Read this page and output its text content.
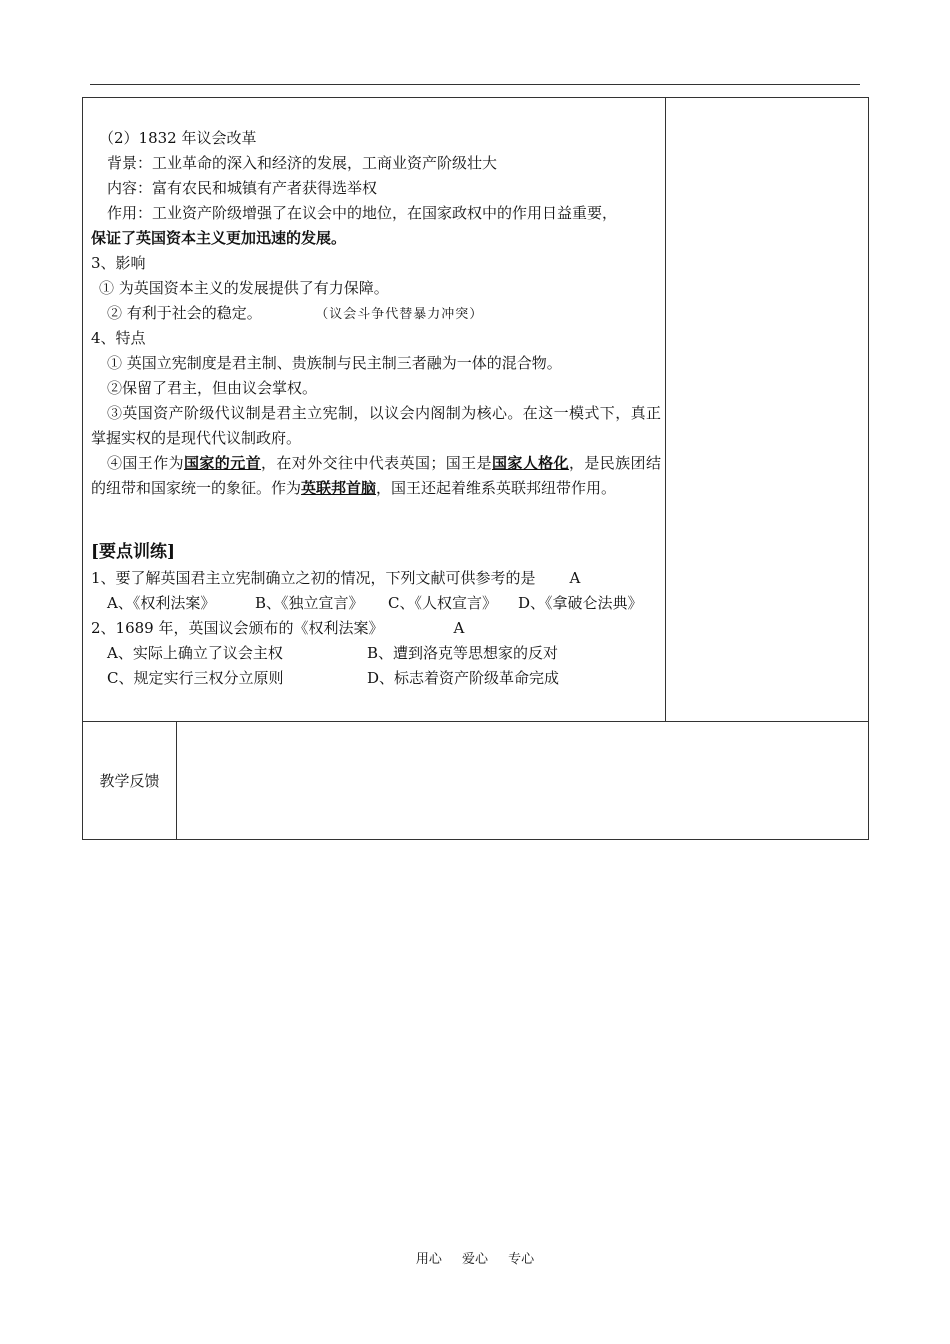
（2）1832 年议会改革
背景：工业革命的深入和经济的发展，工商业资产阶级壮大
内容：富有农民和城镇有产者获得选举权
作用：工业资产阶级增强了在议会中的地位，在国家政权中的作用日益重要，
保证了英国资本主义更加迅速的发展。
3、影响
① 为英国资本主义的发展提供了有力保障。
② 有利于社会的稳定。	（议会斗争代替暴力冲突）
4、特点
① 英国立宪制度是君主制、贵族制与民主制三者融为一体的混合物。
②保留了君主，但由议会掌权。
③英国资产阶级代议制是君主立宪制，以议会内阁制为核心。在这一模式下，真正掌握实权的是现代代议制政府。
④国王作为国家的元首，在对外交往中代表英国；国王是国家人格化，是民族团结的纽带和国家统一的象征。作为英联邦首脑，国王还起着维系英联邦纽带作用。
[要点训练]
1、要了解英国君主立宪制确立之初的情况，下列文献可供参考的是 A
A、《权利法案》	B、《独立宣言》 C、《人权宣言》 D、《拿破仑法典》
2、1689 年，英国议会颁布的《权利法案》	A
A、实际上确立了议会主权	B、遭到洛克等思想家的反对
C、规定实行三权分立原则	D、标志着资产阶级革命完成
教学反馈
用心 爱心 专心
